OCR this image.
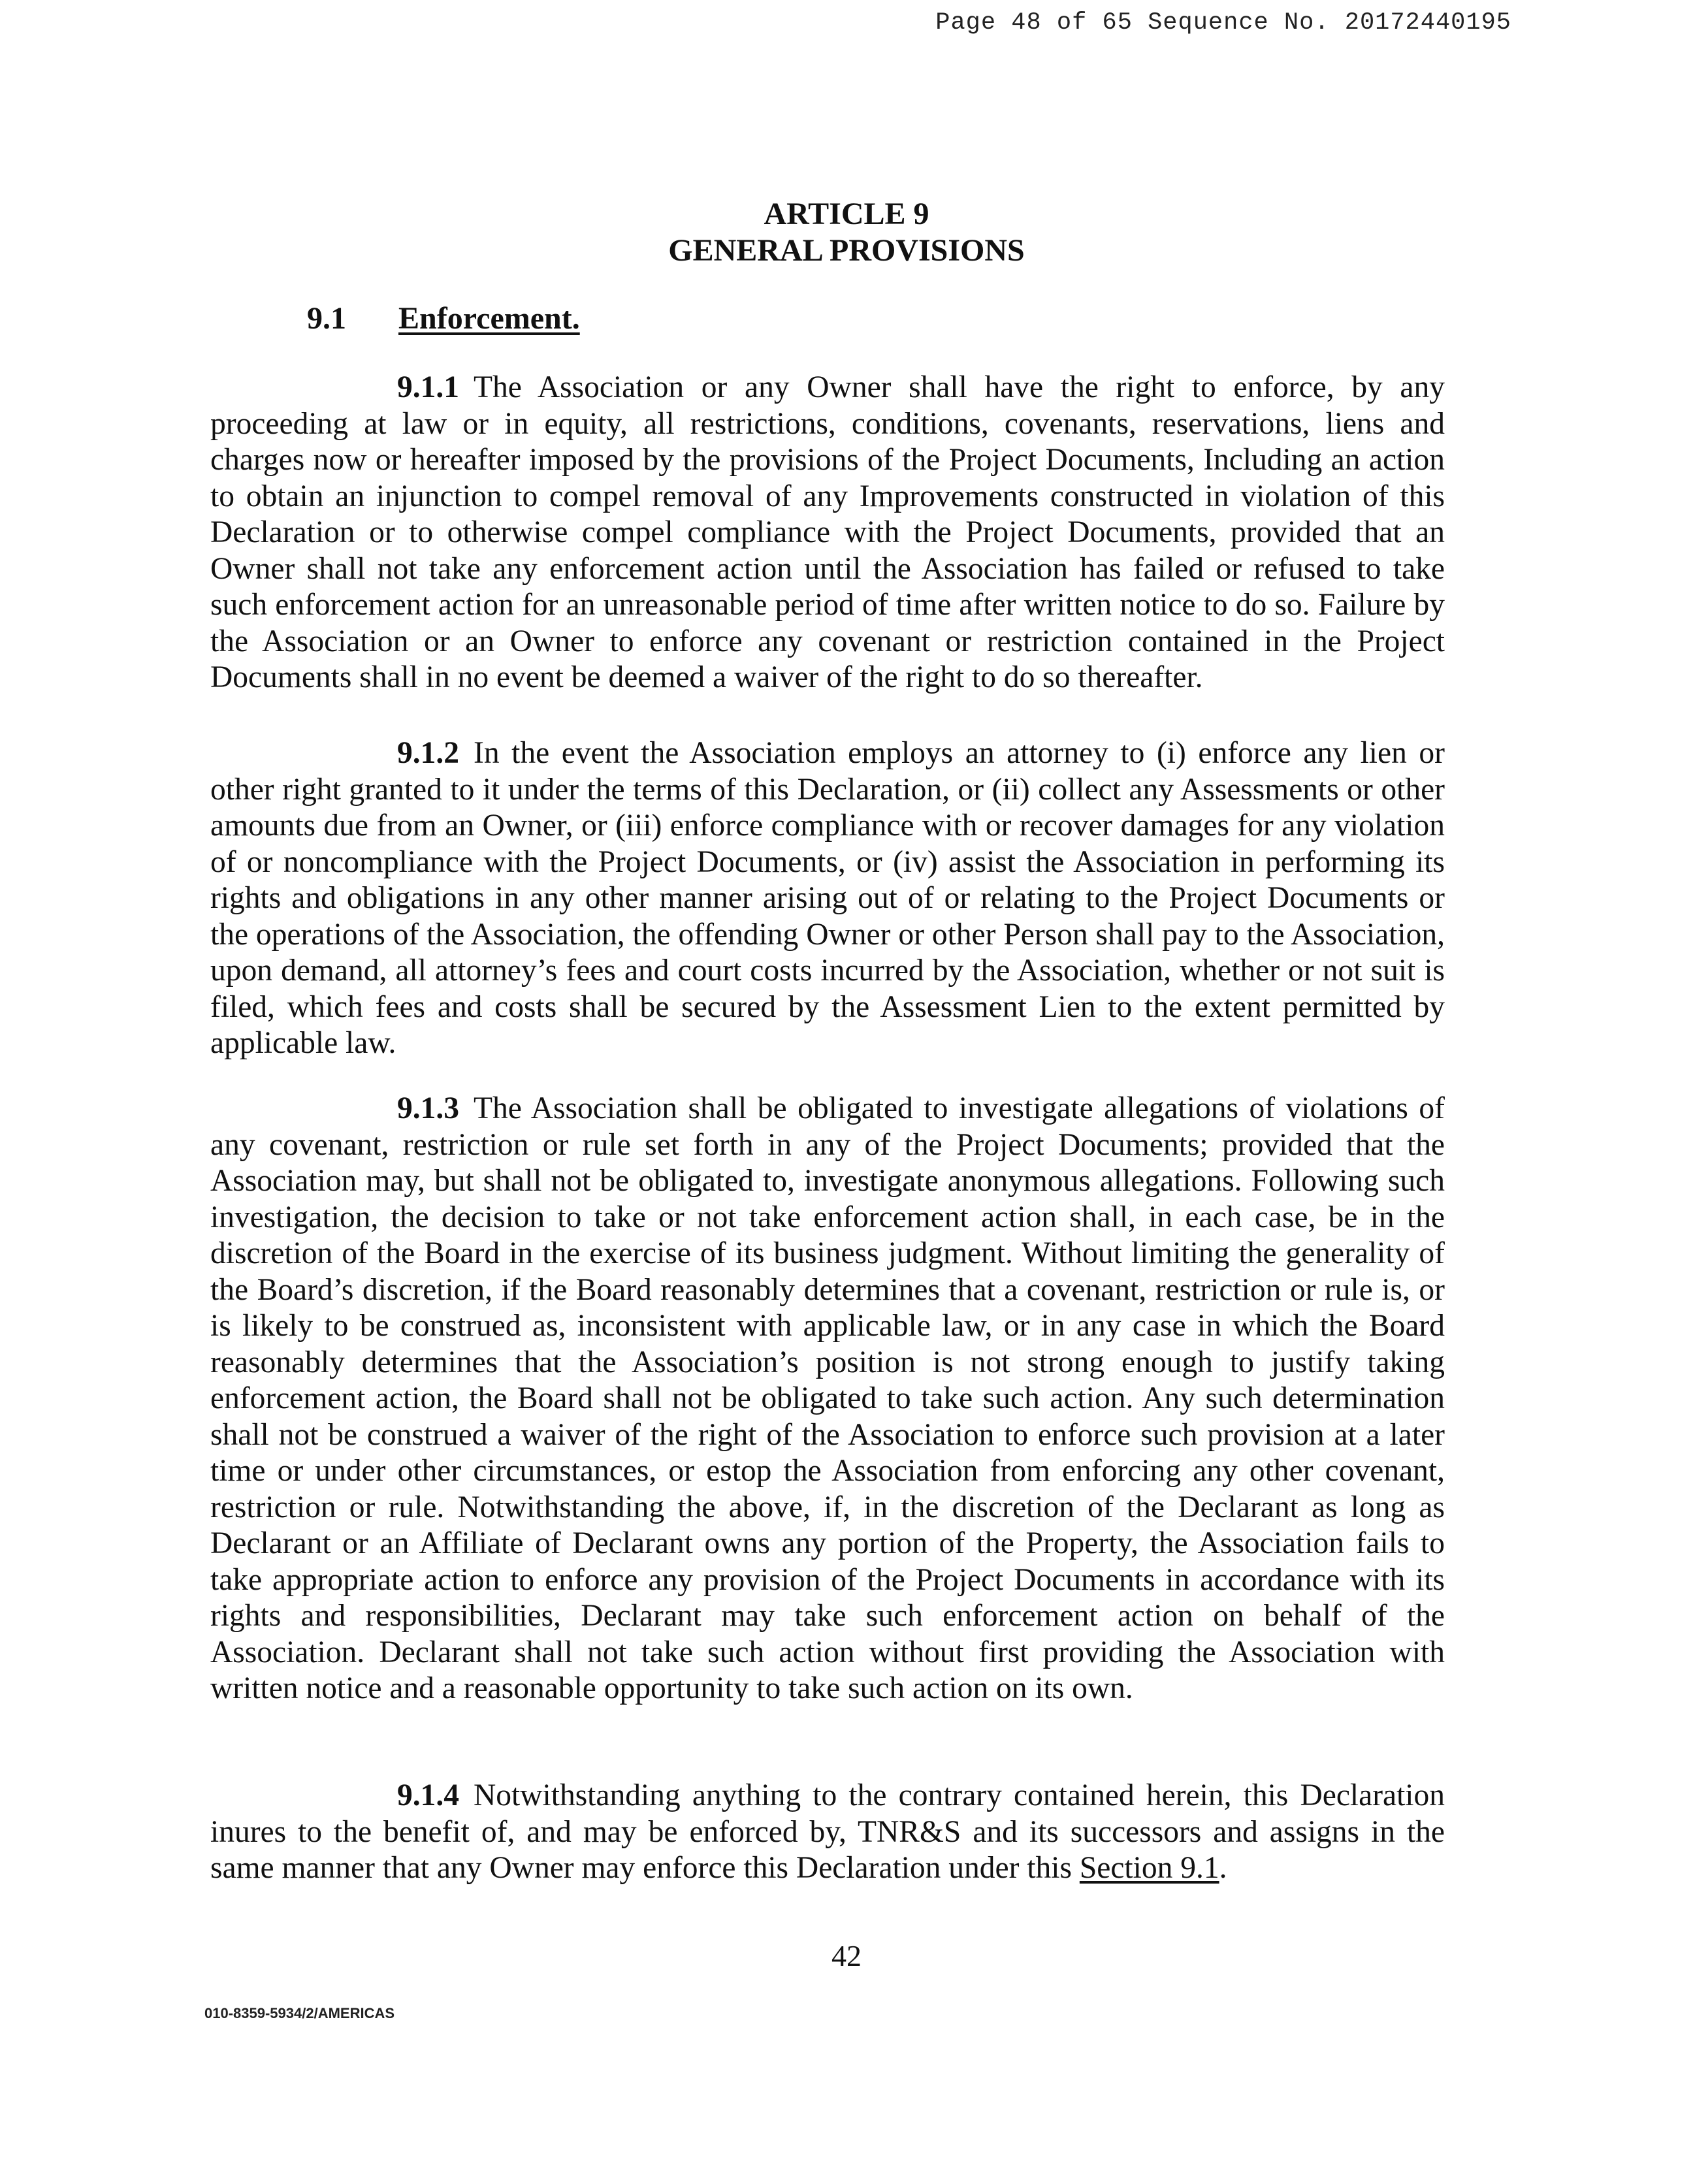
Page 48 of 65 Sequence No. 20172440195
ARTICLE 9
GENERAL PROVISIONS
9.1 Enforcement.

9.1.1 The Association or any Owner shall have the right to enforce, by any proceeding at law or in equity, all restrictions, conditions, covenants, reservations, liens and charges now or hereafter imposed by the provisions of the Project Documents, Including an action to obtain an injunction to compel removal of any Improvements constructed in violation of this Declaration or to otherwise compel compliance with the Project Documents, provided that an Owner shall not take any enforcement action until the Association has failed or refused to take such enforcement action for an unreasonable period of time after written notice to do so. Failure by the Association or an Owner to enforce any covenant or restriction contained in the Project Documents shall in no event be deemed a waiver of the right to do so thereafter.

9.1.2 In the event the Association employs an attorney to (i) enforce any lien or other right granted to it under the terms of this Declaration, or (ii) collect any Assessments or other amounts due from an Owner, or (iii) enforce compliance with or recover damages for any violation of or noncompliance with the Project Documents, or (iv) assist the Association in performing its rights and obligations in any other manner arising out of or relating to the Project Documents or the operations of the Association, the offending Owner or other Person shall pay to the Association, upon demand, all attorney’s fees and court costs incurred by the Association, whether or not suit is filed, which fees and costs shall be secured by the Assessment Lien to the extent permitted by applicable law.

9.1.3 The Association shall be obligated to investigate allegations of violations of any covenant, restriction or rule set forth in any of the Project Documents; provided that the Association may, but shall not be obligated to, investigate anonymous allegations. Following such investigation, the decision to take or not take enforcement action shall, in each case, be in the discretion of the Board in the exercise of its business judgment. Without limiting the generality of the Board’s discretion, if the Board reasonably determines that a covenant, restriction or rule is, or is likely to be construed as, inconsistent with applicable law, or in any case in which the Board reasonably determines that the Association’s position is not strong enough to justify taking enforcement action, the Board shall not be obligated to take such action. Any such determination shall not be construed a waiver of the right of the Association to enforce such provision at a later time or under other circumstances, or estop the Association from enforcing any other covenant, restriction or rule. Notwithstanding the above, if, in the discretion of the Declarant as long as Declarant or an Affiliate of Declarant owns any portion of the Property, the Association fails to take appropriate action to enforce any provision of the Project Documents in accordance with its rights and responsibilities, Declarant may take such enforcement action on behalf of the Association. Declarant shall not take such action without first providing the Association with written notice and a reasonable opportunity to take such action on its own.

9.1.4 Notwithstanding anything to the contrary contained herein, this Declaration inures to the benefit of, and may be enforced by, TNR&S and its successors and assigns in the same manner that any Owner may enforce this Declaration under this Section 9.1.

42
010-8359-5934/2/AMERICAS
